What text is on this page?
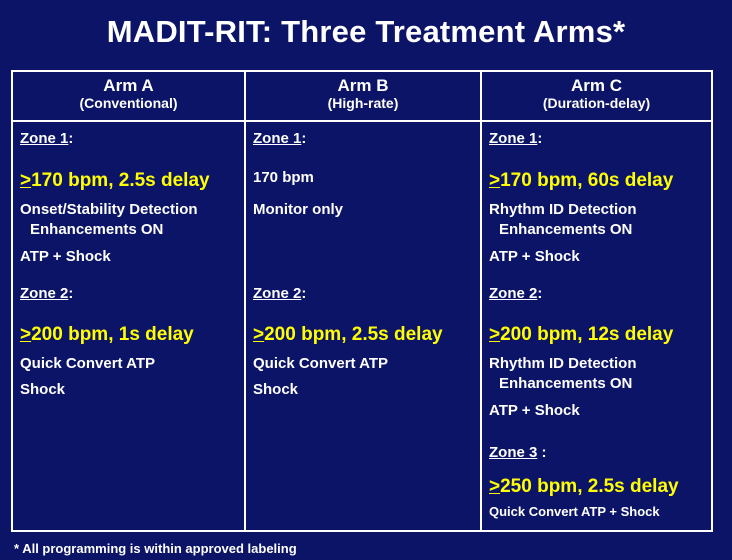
MADIT-RIT: Three Treatment Arms*
Arm A
(Conventional)
Zone 1:
>170 bpm, 2.5s delay
Onset/Stability Detection
Enhancements ON
ATP + Shock
Zone 2:
>200 bpm, 1s delay
Quick Convert ATP
Shock
Arm B
(High-rate)
Zone 1:
170 bpm
Monitor only
Zone 2:
>200 bpm, 2.5s delay
Quick Convert ATP
Shock
Arm C
(Duration-delay)
Zone 1:
>170 bpm, 60s delay
Rhythm ID Detection
Enhancements ON
ATP + Shock
Zone 2:
>200 bpm, 12s delay
Rhythm ID Detection
Enhancements ON
ATP + Shock
Zone 3 :
>250 bpm, 2.5s delay
Quick Convert ATP + Shock
* All programming is within approved labeling
